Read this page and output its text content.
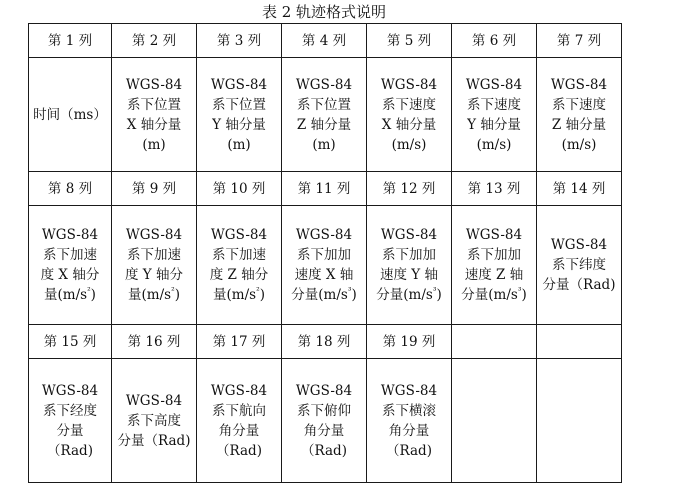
表 2 轨迹格式说明
第 1 列	第 2 列	第 3 列	第 4 列	第 5 列	第 6 列	第 7 列
时间（ms）	WGS-84
系下位置
X 轴分量
(m)	WGS-84
系下位置
Y 轴分量
(m)	WGS-84
系下位置
Z 轴分量
(m)	WGS-84
系下速度
X 轴分量
(m/s)	WGS-84
系下速度
Y 轴分量
(m/s)	WGS-84
系下速度
Z 轴分量
(m/s)
第 8 列	第 9 列	第 10 列	第 11 列	第 12 列	第 13 列	第 14 列
WGS-84
系下加速
度 X 轴分
量$(m/s^{^2})$	WGS-84
系下加速
度 Y 轴分
量$(m/s^{^2})$	WGS-84
系下加速
度 Z 轴分
量$(m/s^{^2})$	WGS-84
系下加加
速度 X 轴
分量$(m/s^{^3})$	WGS-84
系下加加
速度 Y 轴
分量$(m/s^{^3})$	WGS-84
系下加加
速度 Z 轴
分量$(m/s^{^3})$	WGS-84
系下纬度
分量（Rad)
第 15 列	第 16 列	第 17 列	第 18 列	第 19 列		
WGS-84
系下经度
分量
（Rad)	WGS-84
系下高度
分量（Rad)	WGS-84
系下航向
角分量
（Rad)	WGS-84
系下俯仰
角分量
（Rad)	WGS-84
系下横滚
角分量
（Rad)		
